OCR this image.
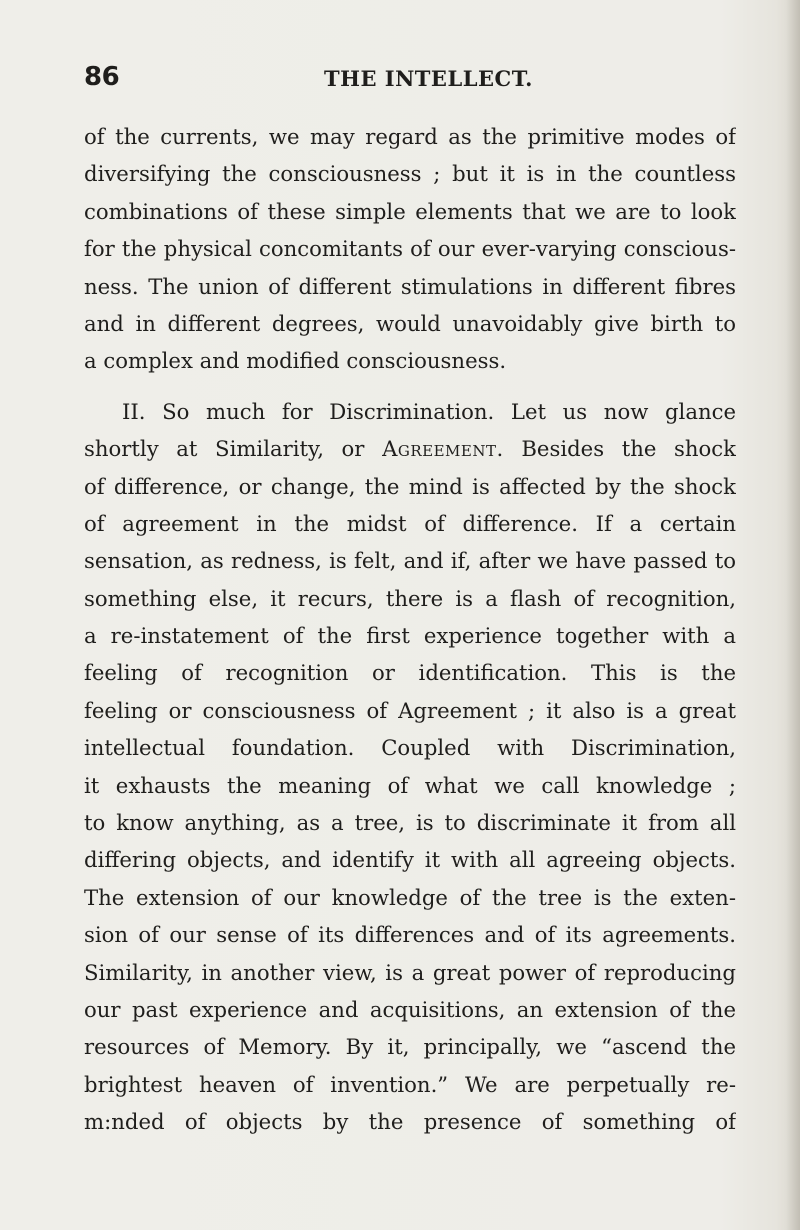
86	THE INTELLECT.
of the currents, we may regard as the primitive modes of
diversifying the consciousness ; but it is in the countless
combinations of these simple elements that we are to look
for the physical concomitants of our ever-varying conscious-
ness. The union of different stimulations in different fibres
and in different degrees, would unavoidably give birth to
a complex and modified consciousness.
II. So much for Discrimination. Let us now glance
shortly at Similarity, or Agreement. Besides the shock
of difference, or change, the mind is affected by the shock
of agreement in the midst of difference. If a certain
sensation, as redness, is felt, and if, after we have passed to
something else, it recurs, there is a flash of recognition,
a re-instatement of the first experience together with a
feeling of recognition or identification. This is the
feeling or consciousness of Agreement ; it also is a great
intellectual foundation. Coupled with Discrimination,
it exhausts the meaning of what we call knowledge ;
to know anything, as a tree, is to discriminate it from all
differing objects, and identify it with all agreeing objects.
The extension of our knowledge of the tree is the exten-
sion of our sense of its differences and of its agreements.
Similarity, in another view, is a great power of reproducing
our past experience and acquisitions, an extension of the
resources of Memory. By it, principally, we “ascend the
brightest heaven of invention.” We are perpetually re-
m:nded of objects by the presence of something of
